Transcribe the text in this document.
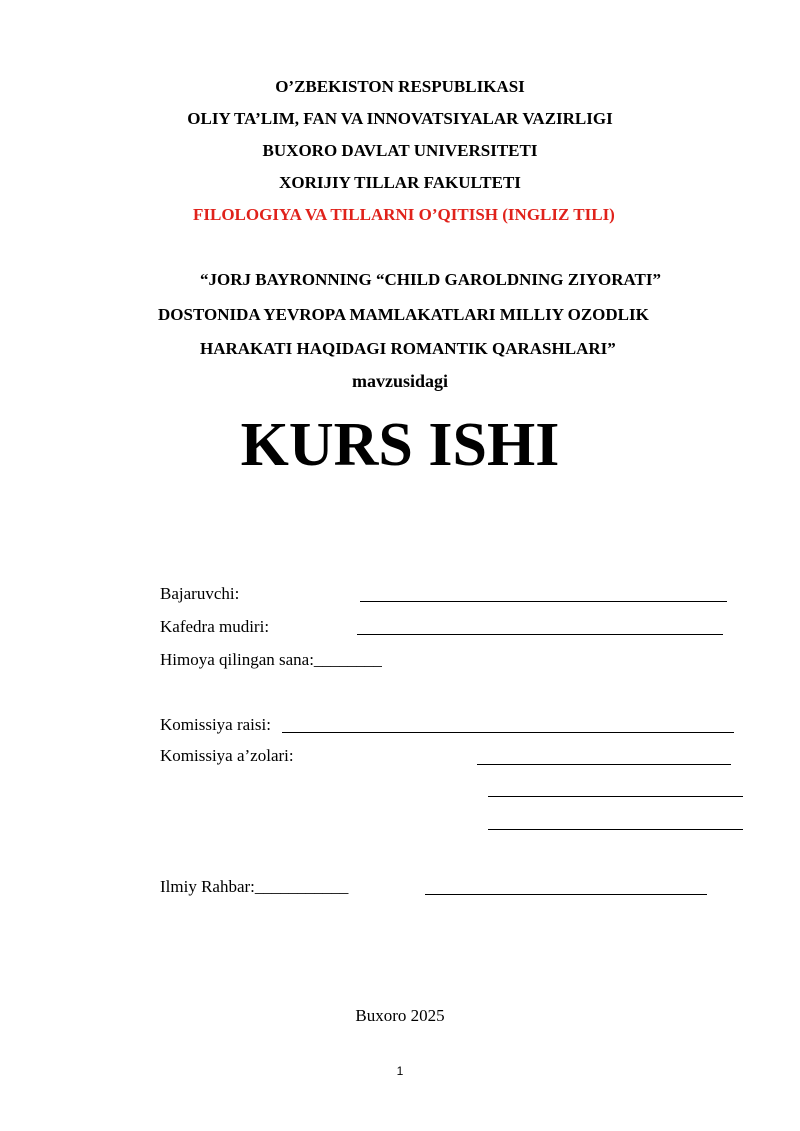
O’ZBEKISTON RESPUBLIKASI
OLIY TA’LIM, FAN VA INNOVATSIYALAR VAZIRLIGI
BUXORO DAVLAT UNIVERSITETI
XORIJIY TILLAR FAKULTETI
FILOLOGIYA VA TILLARNI O’QITISH (INGLIZ TILI)
“JORJ BAYRONNING “CHILD GAROLDNING ZIYORATI”
DOSTONIDA YEVROPA MAMLAKATLARI MILLIY OZODLIK
HARAKATI HAQIDAGI ROMANTIK QARASHLARI”
mavzusidagi
KURS ISHI
Bajaruvchi:
Kafedra mudiri:
Himoya qilingan sana:________
Komissiya raisi:
Komissiya a’zolari:
Ilmiy Rahbar:___________
Buxoro 2025
1
